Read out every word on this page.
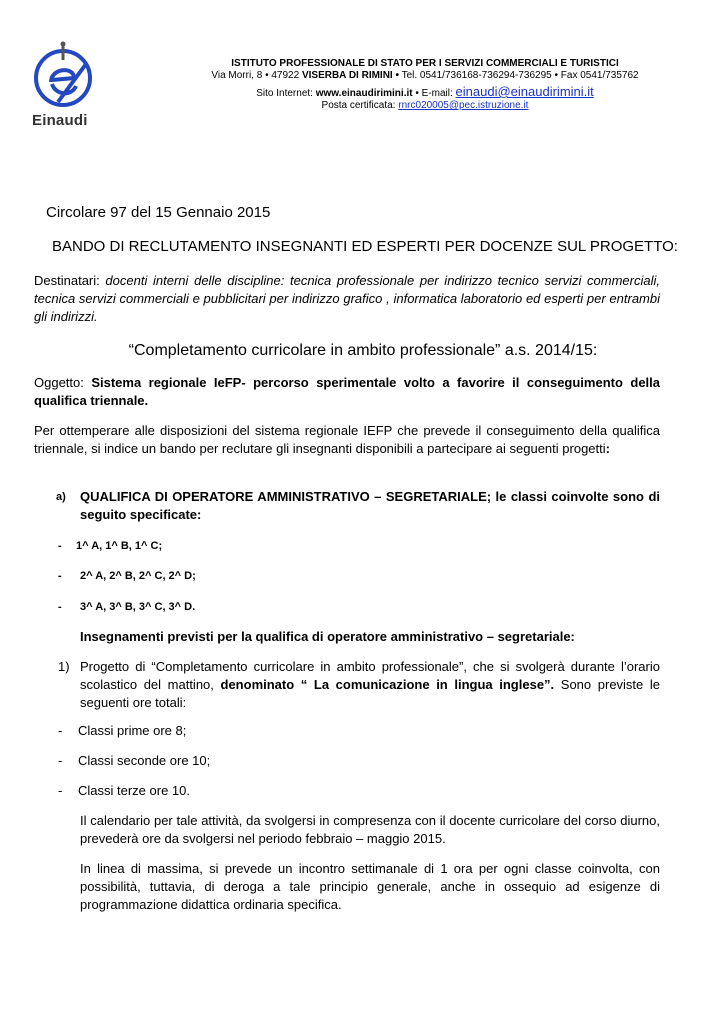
Einaudi
ISTITUTO PROFESSIONALE DI STATO PER I SERVIZI COMMERCIALI E TURISTICI
Via Morri, 8 • 47922 VISERBA DI RIMINI • Tel. 0541/736168-736294-736295 • Fax 0541/735762
Sito Internet: www.einaudirimini.it • E-mail: einaudi@einaudirimini.it
Posta certificata: rnrc020005@pec.istruzione.it
Circolare 97 del 15 Gennaio 2015
BANDO DI RECLUTAMENTO INSEGNANTI ED ESPERTI PER DOCENZE SUL PROGETTO:
Destinatari: docenti interni delle discipline: tecnica professionale per indirizzo tecnico servizi commerciali, tecnica servizi commerciali e pubblicitari per indirizzo grafico , informatica laboratorio ed esperti per entrambi gli indirizzi.
“Completamento curricolare in ambito professionale” a.s. 2014/15:
Oggetto: Sistema regionale IeFP- percorso sperimentale volto a favorire il conseguimento della qualifica triennale.
Per ottemperare alle disposizioni del sistema regionale IEFP che prevede il conseguimento della qualifica triennale, si indice un bando per reclutare gli insegnanti disponibili a partecipare ai seguenti progetti:
a) QUALIFICA DI OPERATORE AMMINISTRATIVO – SEGRETARIALE; le classi coinvolte sono di seguito specificate:
- 1^ A, 1^ B, 1^ C;
- 2^ A, 2^ B, 2^ C, 2^ D;
- 3^ A, 3^ B, 3^ C, 3^ D.
Insegnamenti previsti per la qualifica di operatore amministrativo – segretariale:
1) Progetto di “Completamento curricolare in ambito professionale”, che si svolgerà durante l’orario scolastico del mattino, denominato “ La comunicazione in lingua inglese”. Sono previste le seguenti ore totali:
- Classi prime ore 8;
- Classi seconde ore 10;
- Classi terze ore 10.
Il calendario per tale attività, da svolgersi in compresenza con il docente curricolare del corso diurno, prevederà ore da svolgersi nel periodo febbraio – maggio 2015.
In linea di massima, si prevede un incontro settimanale di 1 ora per ogni classe coinvolta, con possibilità, tuttavia, di deroga a tale principio generale, anche in ossequio ad esigenze di programmazione didattica ordinaria specifica.
